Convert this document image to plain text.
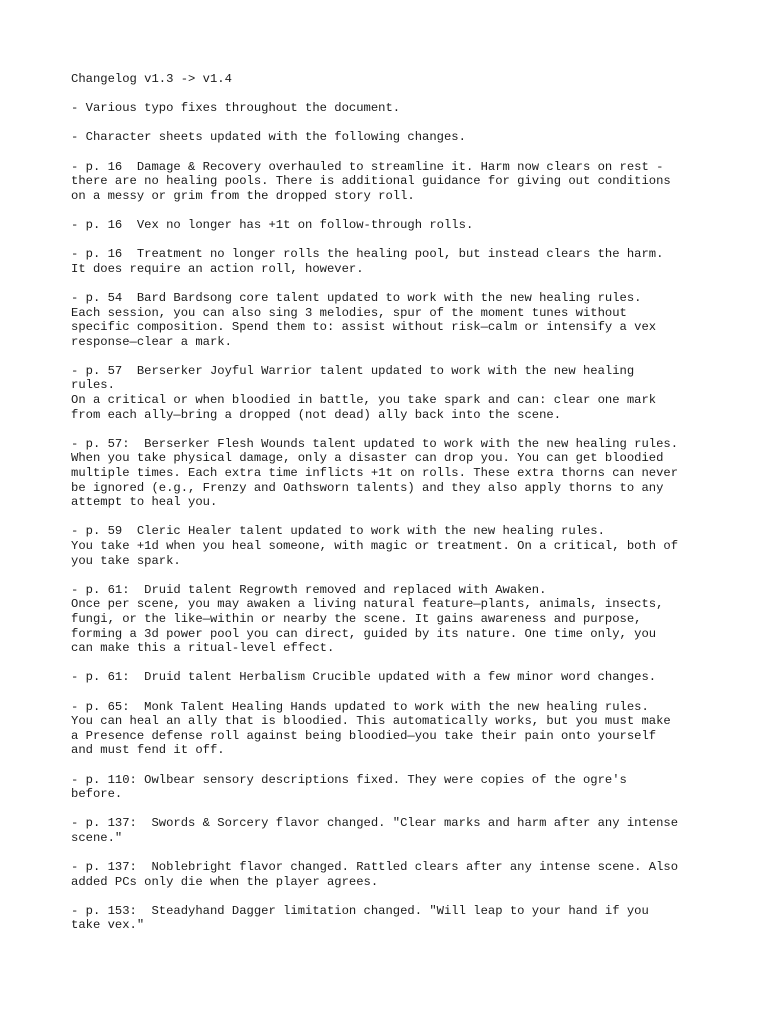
Changelog v1.3 -> v1.4
- Various typo fixes throughout the document.
- Character sheets updated with the following changes.
- p. 16  Damage & Recovery overhauled to streamline it. Harm now clears on rest -
there are no healing pools. There is additional guidance for giving out conditions
on a messy or grim from the dropped story roll.
- p. 16  Vex no longer has +1t on follow-through rolls.
- p. 16  Treatment no longer rolls the healing pool, but instead clears the harm.
It does require an action roll, however.
- p. 54  Bard Bardsong core talent updated to work with the new healing rules.
Each session, you can also sing 3 melodies, spur of the moment tunes without
specific composition. Spend them to: assist without risk—calm or intensify a vex
response—clear a mark.
- p. 57  Berserker Joyful Warrior talent updated to work with the new healing
rules.
On a critical or when bloodied in battle, you take spark and can: clear one mark
from each ally—bring a dropped (not dead) ally back into the scene.
- p. 57:  Berserker Flesh Wounds talent updated to work with the new healing rules.
When you take physical damage, only a disaster can drop you. You can get bloodied
multiple times. Each extra time inflicts +1t on rolls. These extra thorns can never
be ignored (e.g., Frenzy and Oathsworn talents) and they also apply thorns to any
attempt to heal you.
- p. 59  Cleric Healer talent updated to work with the new healing rules.
You take +1d when you heal someone, with magic or treatment. On a critical, both of
you take spark.
- p. 61:  Druid talent Regrowth removed and replaced with Awaken.
Once per scene, you may awaken a living natural feature—plants, animals, insects,
fungi, or the like—within or nearby the scene. It gains awareness and purpose,
forming a 3d power pool you can direct, guided by its nature. One time only, you
can make this a ritual-level effect.
- p. 61:  Druid talent Herbalism Crucible updated with a few minor word changes.
- p. 65:  Monk Talent Healing Hands updated to work with the new healing rules.
You can heal an ally that is bloodied. This automatically works, but you must make
a Presence defense roll against being bloodied—you take their pain onto yourself
and must fend it off.
- p. 110: Owlbear sensory descriptions fixed. They were copies of the ogre's
before.
- p. 137:  Swords & Sorcery flavor changed. "Clear marks and harm after any intense
scene."
- p. 137:  Noblebright flavor changed. Rattled clears after any intense scene. Also
added PCs only die when the player agrees.
- p. 153:  Steadyhand Dagger limitation changed. "Will leap to your hand if you
take vex."
